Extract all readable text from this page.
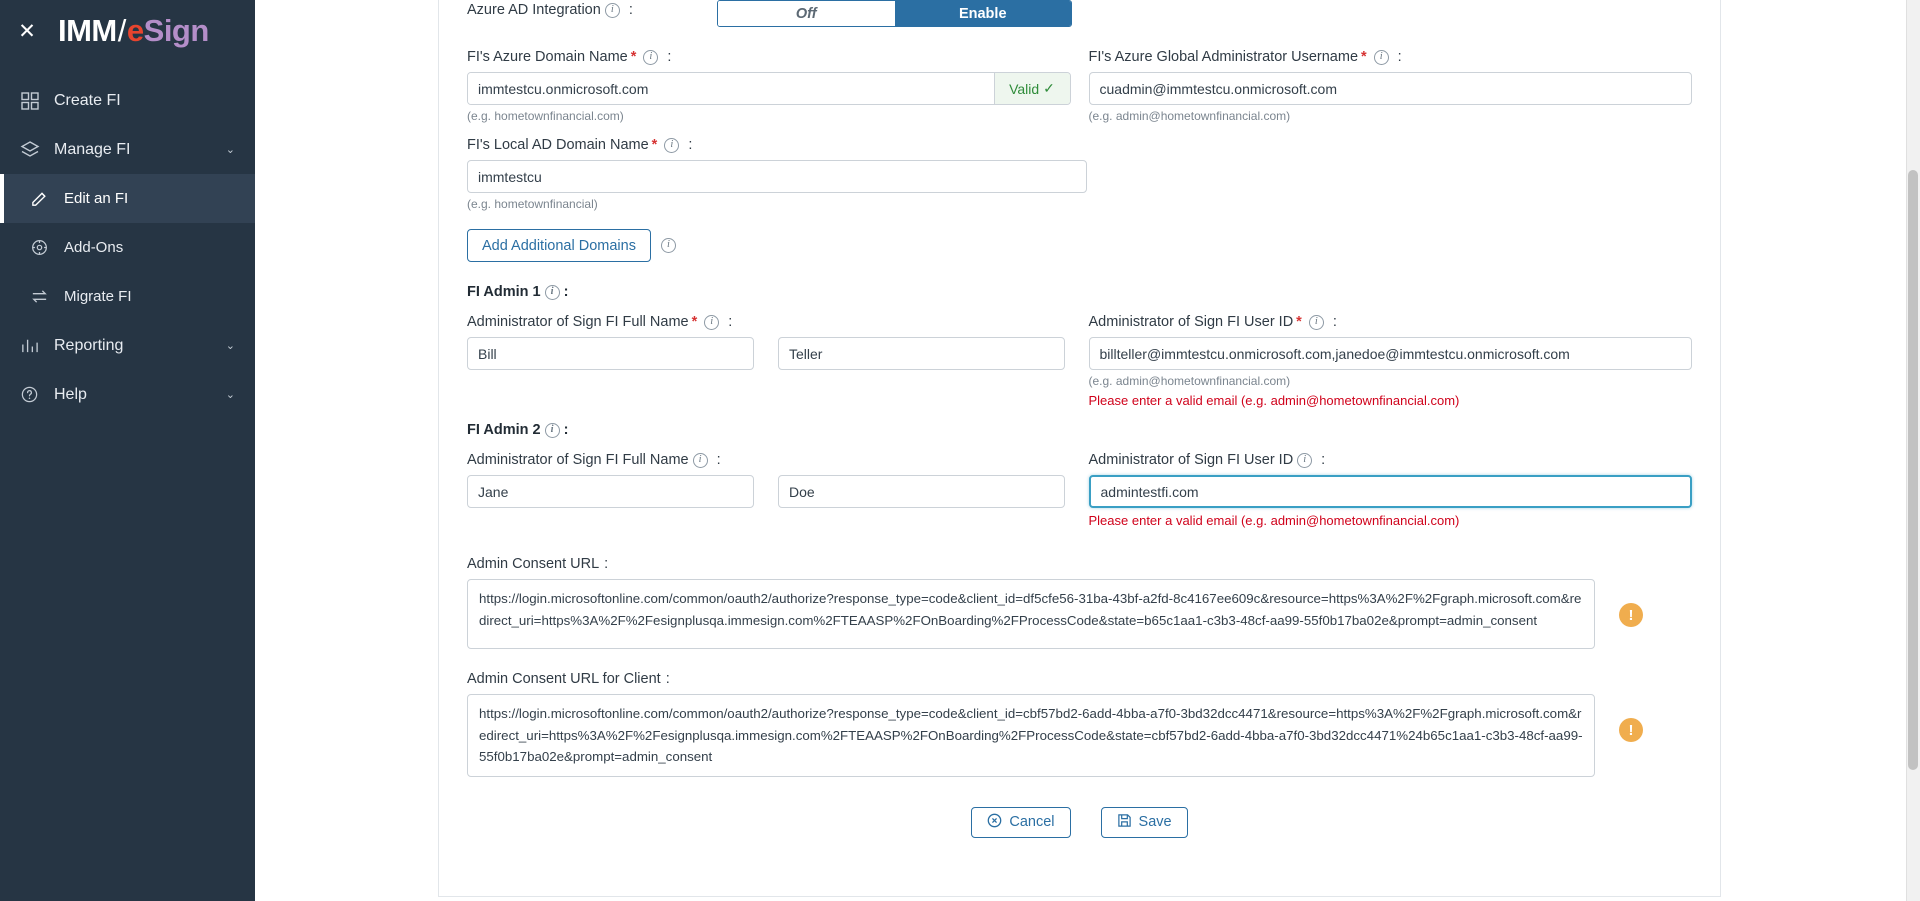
✕ IMM / e Sign
Create FI
Manage FI	⌄
Edit an FI
Add-Ons
Migrate FI
Reporting	⌄
Help	⌄
Azure AD Integration i	:	Off	Enable
FI's Azure Domain Name *	i	:
immtestcu.onmicrosoft.com
Valid ✓
(e.g. hometownfinancial.com)
FI's Azure Global Administrator Username *	i	:
cuadmin@immtestcu.onmicrosoft.com
(e.g. admin@hometownfinancial.com)
FI's Local AD Domain Name *	i	:
immtestcu
(e.g. hometownfinancial)
Add Additional Domains	i
FI Admin 1 i :
Administrator of Sign FI Full Name *	i	:
Bill
Teller	Administrator of Sign FI User ID *	i	:
billteller@immtestcu.onmicrosoft.com,janedoe@immtestcu.onmicrosoft.com
(e.g. admin@hometownfinancial.com)
Please enter a valid email (e.g. admin@hometownfinancial.com)
FI Admin 2 i :
Administrator of Sign FI Full Name i	:
Jane
Doe	Administrator of Sign FI User ID i	:
admintestfi.com
Please enter a valid email (e.g. admin@hometownfinancial.com)
Admin Consent URL :
https://login.microsoftonline.com/common/oauth2/authorize?response_type=code&client_id=df5cfe56-31ba-43bf-a2fd-8c4167ee609c&resource=https%3A%2F%2Fgraph.microsoft.com&redirect_uri=https%3A%2F%2Fesignplusqa.immesign.com%2FTEAASP%2FOnBoarding%2FProcessCode&state=b65c1aa1-c3b3-48cf-aa99-55f0b17ba02e&prompt=admin_consent	!
Admin Consent URL for Client :
https://login.microsoftonline.com/common/oauth2/authorize?response_type=code&client_id=cbf57bd2-6add-4bba-a7f0-3bd32dcc4471&resource=https%3A%2F%2Fgraph.microsoft.com&redirect_uri=https%3A%2F%2Fesignplusqa.immesign.com%2FTEAASP%2FOnBoarding%2FProcessCode&state=cbf57bd2-6add-4bba-a7f0-3bd32dcc4471%24b65c1aa1-c3b3-48cf-aa99-55f0b17ba02e&prompt=admin_consent
!
Cancel	Save
